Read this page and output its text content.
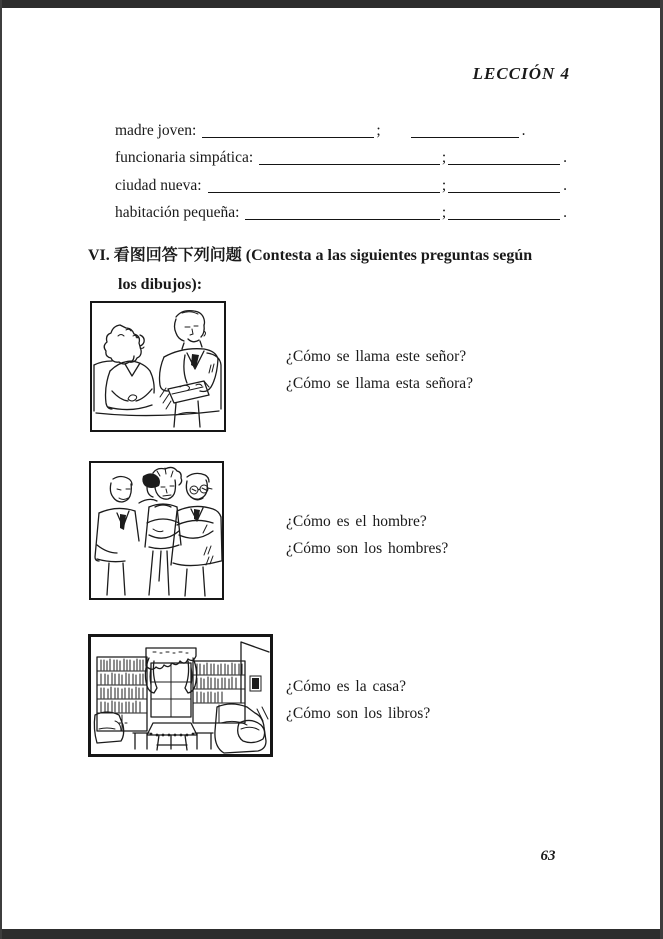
LECCIÓN 4
madre joven:	;	.
funcionaria simpática:	;	.
ciudad nueva:	;	.
habitación pequeña:	;	.
VI. 看图回答下列问题 (Contesta a las siguientes preguntas según
los dibujos):
¿Cómo se llama este señor?
¿Cómo se llama esta señora?
¿Cómo es el hombre?
¿Cómo son los hombres?
¿Cómo es la casa?
¿Cómo son los libros?
63
